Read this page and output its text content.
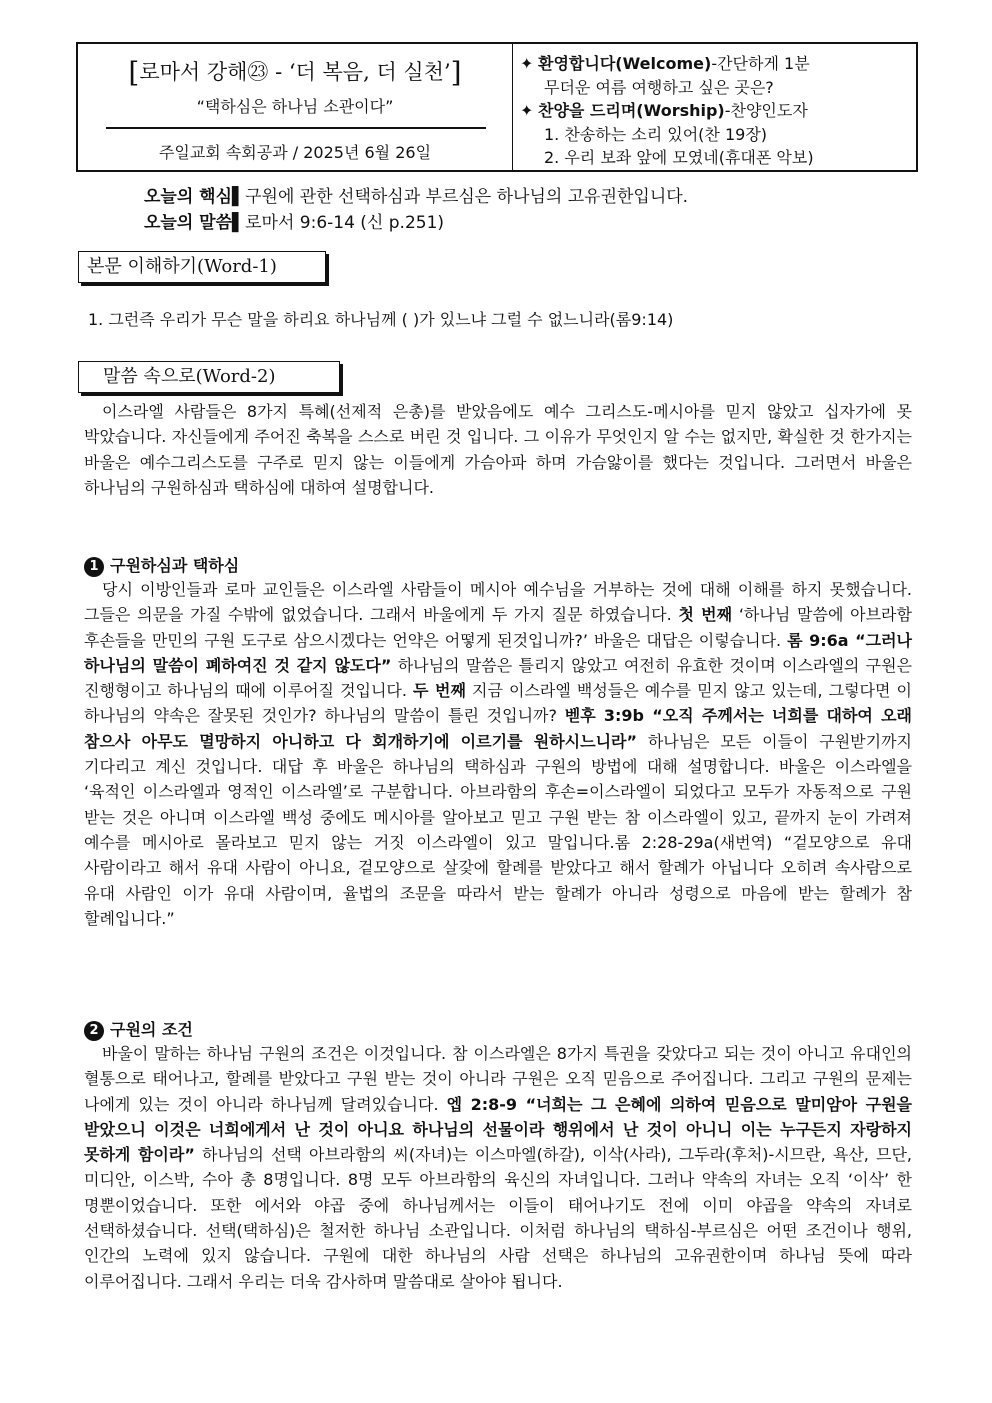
[로마서 강해㉓ - ‘더 복음, 더 실천’]
“택하심은 하나님 소관이다”
주일교회 속회공과 / 2025년 6월 26일
✦ 환영합니다(Welcome)-간단하게 1분
무더운 여름 여행하고 싶은 곳은?
✦ 찬양을 드리며(Worship)-찬양인도자
1. 찬송하는 소리 있어(찬 19장)
2. 우리 보좌 앞에 모였네(휴대폰 악보)
오늘의 핵심▌구원에 관한 선택하심과 부르심은 하나님의 고유권한입니다.
오늘의 말씀▌로마서 9:6-14 (신 p.251)
본문 이해하기(Word-1)
1. 그런즉 우리가 무슨 말을 하리요 하나님께 ( )가 있느냐 그럴 수 없느니라(롬9:14)
말씀 속으로(Word-2)
이스라엘 사람들은 8가지 특혜(선제적 은총)를 받았음에도 예수 그리스도-메시아를 믿지 않았고 십자가에 못 박았습니다. 자신들에게 주어진 축복을 스스로 버린 것 입니다. 그 이유가 무엇인지 알 수는 없지만, 확실한 것 한가지는 바울은 예수그리스도를 구주로 믿지 않는 이들에게 가슴아파 하며 가슴앓이를 했다는 것입니다. 그러면서 바울은 하나님의 구원하심과 택하심에 대하여 설명합니다.
1 구원하심과 택하심
당시 이방인들과 로마 교인들은 이스라엘 사람들이 메시아 예수님을 거부하는 것에 대해 이해를 하지 못했습니다. 그들은 의문을 가질 수밖에 없었습니다. 그래서 바울에게 두 가지 질문 하였습니다. 첫 번째 ‘하나님 말씀에 아브라함 후손들을 만민의 구원 도구로 삼으시겠다는 언약은 어떻게 된것입니까?’ 바울은 대답은 이렇습니다. 롬 9:6a “그러나 하나님의 말씀이 폐하여진 것 같지 않도다” 하나님의 말씀은 틀리지 않았고 여전히 유효한 것이며 이스라엘의 구원은 진행형이고 하나님의 때에 이루어질 것입니다. 두 번째 지금 이스라엘 백성들은 예수를 믿지 않고 있는데, 그렇다면 이 하나님의 약속은 잘못된 것인가? 하나님의 말씀이 틀린 것입니까? 벧후 3:9b “오직 주께서는 너희를 대하여 오래 참으사 아무도 멸망하지 아니하고 다 회개하기에 이르기를 원하시느니라” 하나님은 모든 이들이 구원받기까지 기다리고 계신 것입니다. 대답 후 바울은 하나님의 택하심과 구원의 방법에 대해 설명합니다. 바울은 이스라엘을 ‘육적인 이스라엘과 영적인 이스라엘’로 구분합니다. 아브라함의 후손=이스라엘이 되었다고 모두가 자동적으로 구원 받는 것은 아니며 이스라엘 백성 중에도 메시아를 알아보고 믿고 구원 받는 참 이스라엘이 있고, 끝까지 눈이 가려져 예수를 메시아로 몰라보고 믿지 않는 거짓 이스라엘이 있고 말입니다.롬 2:28-29a(새번역) “겉모양으로 유대 사람이라고 해서 유대 사람이 아니요, 겉모양으로 살갗에 할례를 받았다고 해서 할례가 아닙니다 오히려 속사람으로 유대 사람인 이가 유대 사람이며, 율법의 조문을 따라서 받는 할례가 아니라 성령으로 마음에 받는 할례가 참 할례입니다.”
2 구원의 조건
바울이 말하는 하나님 구원의 조건은 이것입니다. 참 이스라엘은 8가지 특권을 갖았다고 되는 것이 아니고 유대인의 혈통으로 태어나고, 할례를 받았다고 구원 받는 것이 아니라 구원은 오직 믿음으로 주어집니다. 그리고 구원의 문제는 나에게 있는 것이 아니라 하나님께 달려있습니다. 엡 2:8-9 “너희는 그 은혜에 의하여 믿음으로 말미암아 구원을 받았으니 이것은 너희에게서 난 것이 아니요 하나님의 선물이라 행위에서 난 것이 아니니 이는 누구든지 자랑하지 못하게 함이라” 하나님의 선택 아브라함의 씨(자녀)는 이스마엘(하갈), 이삭(사라), 그두라(후처)-시므란, 욕산, 므단, 미디안, 이스박, 수아 총 8명입니다. 8명 모두 아브라함의 육신의 자녀입니다. 그러나 약속의 자녀는 오직 ‘이삭’ 한 명뿐이었습니다. 또한 에서와 야곱 중에 하나님께서는 이들이 태어나기도 전에 이미 야곱을 약속의 자녀로 선택하셨습니다. 선택(택하심)은 철저한 하나님 소관입니다. 이처럼 하나님의 택하심-부르심은 어떤 조건이나 행위, 인간의 노력에 있지 않습니다. 구원에 대한 하나님의 사람 선택은 하나님의 고유권한이며 하나님 뜻에 따라 이루어집니다. 그래서 우리는 더욱 감사하며 말씀대로 살아야 됩니다.
